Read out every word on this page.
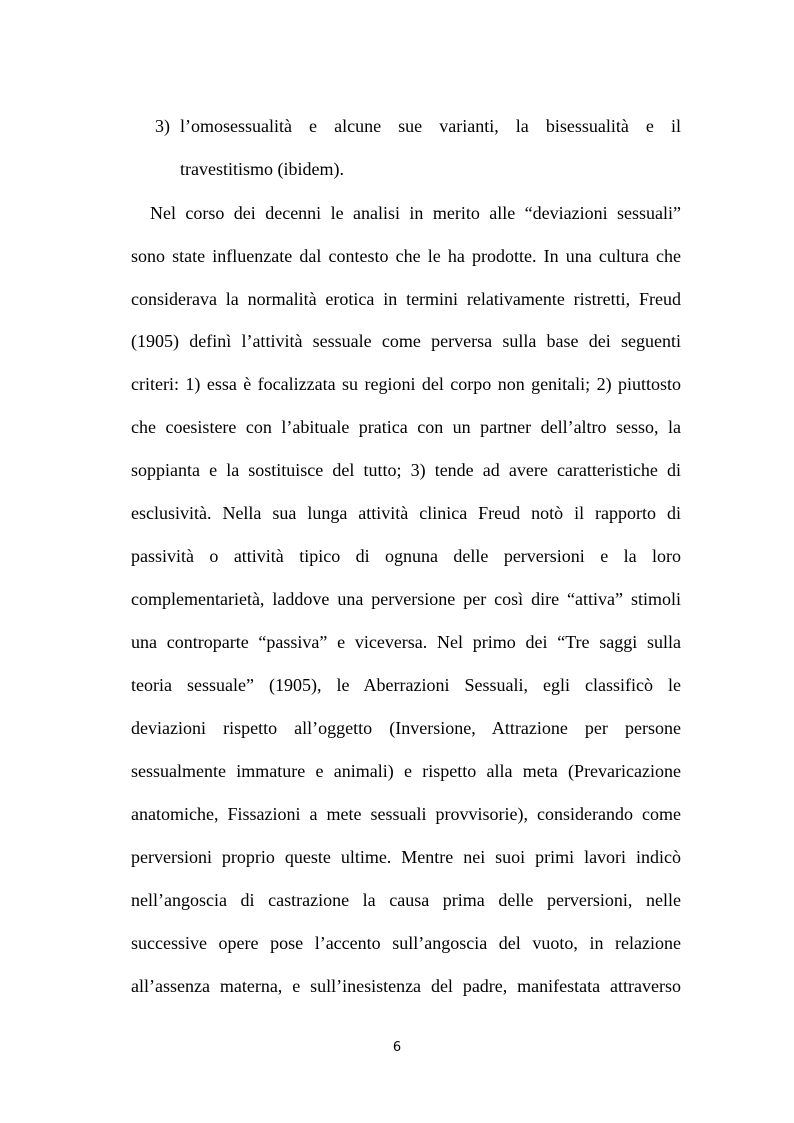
3) l’omosessualità e alcune sue varianti, la bisessualità e il
travestitismo (ibidem).
Nel corso dei decenni le analisi in merito alle “deviazioni sessuali”
sono state influenzate dal contesto che le ha prodotte. In una cultura che
considerava la normalità erotica in termini relativamente ristretti, Freud
(1905) definì l’attività sessuale come perversa sulla base dei seguenti
criteri: 1) essa è focalizzata su regioni del corpo non genitali; 2) piuttosto
che coesistere con l’abituale pratica con un partner dell’altro sesso, la
soppianta e la sostituisce del tutto; 3) tende ad avere caratteristiche di
esclusività. Nella sua lunga attività clinica Freud notò il rapporto di
passività o attività tipico di ognuna delle perversioni e la loro
complementarietà, laddove una perversione per così dire “attiva” stimoli
una controparte “passiva” e viceversa. Nel primo dei “Tre saggi sulla
teoria sessuale” (1905), le Aberrazioni Sessuali, egli classificò le
deviazioni rispetto all’oggetto (Inversione, Attrazione per persone
sessualmente immature e animali) e rispetto alla meta (Prevaricazione
anatomiche, Fissazioni a mete sessuali provvisorie), considerando come
perversioni proprio queste ultime. Mentre nei suoi primi lavori indicò
nell’angoscia di castrazione la causa prima delle perversioni, nelle
successive opere pose l’accento sull’angoscia del vuoto, in relazione
all’assenza materna, e sull’inesistenza del padre, manifestata attraverso
6
